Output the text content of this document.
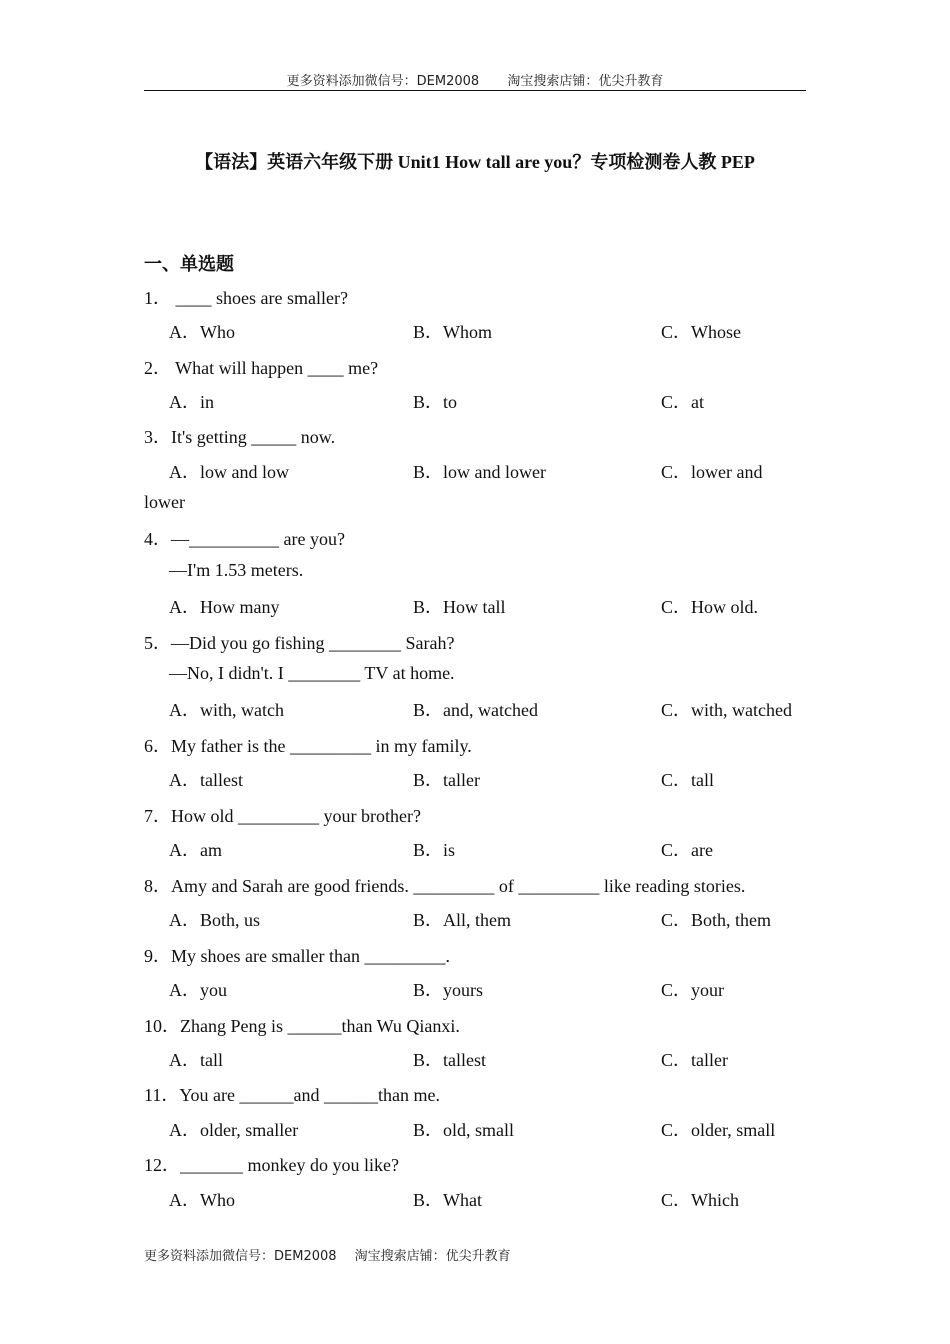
更多资料添加微信号：DEM2008 淘宝搜索店铺：优尖升教育
【语法】英语六年级下册 Unit1 How tall are you？专项检测卷人教 PEP
一、单选题
1． ____ shoes are smaller?
A．Who	B．Whom	C．Whose
2． What will happen ____ me?
A．in	B．to	C．at
3．It's getting _____ now.
A．low and low	B．low and lower	C．lower and
lower
4．—__________ are you?
—I'm 1.53 meters.
A．How many	B．How tall	C．How old.
5．—Did you go fishing ________ Sarah?
—No, I didn't. I ________ TV at home.
A．with, watch	B．and, watched	C．with, watched
6．My father is the _________ in my family.
A．tallest	B．taller	C．tall
7．How old _________ your brother?
A．am	B．is	C．are
8．Amy and Sarah are good friends. _________ of _________ like reading stories.
A．Both, us	B．All, them	C．Both, them
9．My shoes are smaller than _________.
A．you	B．yours	C．your
10．Zhang Peng is ______than Wu Qianxi.
A．tall	B．tallest	C．taller
11．You are ______and ______than me.
A．older, smaller	B．old, small	C．older, small
12．_______ monkey do you like?
A．Who	B．What	C．Which
更多资料添加微信号：DEM2008 淘宝搜索店铺：优尖升教育
